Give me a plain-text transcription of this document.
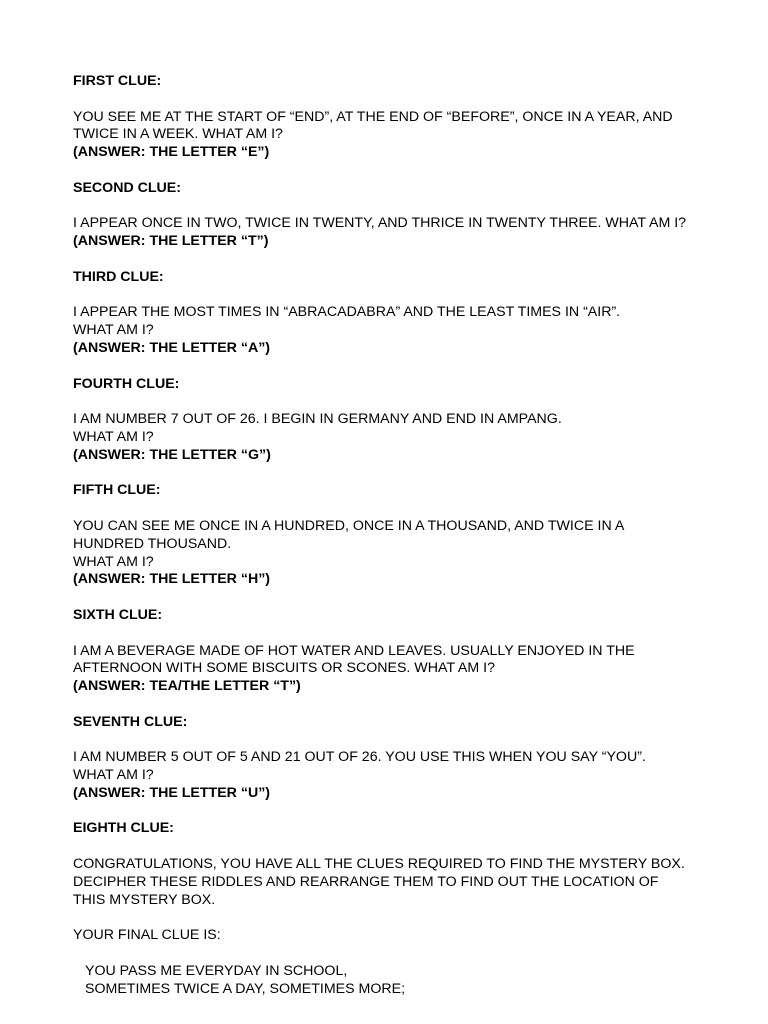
FIRST CLUE:

YOU SEE ME AT THE START OF “END”, AT THE END OF “BEFORE”, ONCE IN A YEAR, AND

TWICE IN A WEEK. WHAT AM I?

(ANSWER: THE LETTER “E”)

SECOND CLUE:

I APPEAR ONCE IN TWO, TWICE IN TWENTY, AND THRICE IN TWENTY THREE. WHAT AM I?

(ANSWER: THE LETTER “T”)

THIRD CLUE:

I APPEAR THE MOST TIMES IN “ABRACADABRA” AND THE LEAST TIMES IN “AIR”.

WHAT AM I?

(ANSWER: THE LETTER “A”)

FOURTH CLUE:

I AM NUMBER 7 OUT OF 26. I BEGIN IN GERMANY AND END IN AMPANG.

WHAT AM I?

(ANSWER: THE LETTER “G”)

FIFTH CLUE:

YOU CAN SEE ME ONCE IN A HUNDRED, ONCE IN A THOUSAND, AND TWICE IN A

HUNDRED THOUSAND.

WHAT AM I?

(ANSWER: THE LETTER “H”)

SIXTH CLUE:

I AM A BEVERAGE MADE OF HOT WATER AND LEAVES. USUALLY ENJOYED IN THE

AFTERNOON WITH SOME BISCUITS OR SCONES. WHAT AM I?

(ANSWER: TEA/THE LETTER “T”)

SEVENTH CLUE:

I AM NUMBER 5 OUT OF 5 AND 21 OUT OF 26. YOU USE THIS WHEN YOU SAY “YOU”.

WHAT AM I?

(ANSWER: THE LETTER “U”)

EIGHTH CLUE:

CONGRATULATIONS, YOU HAVE ALL THE CLUES REQUIRED TO FIND THE MYSTERY BOX.

DECIPHER THESE RIDDLES AND REARRANGE THEM TO FIND OUT THE LOCATION OF

THIS MYSTERY BOX.

YOUR FINAL CLUE IS:

YOU PASS ME EVERYDAY IN SCHOOL,

SOMETIMES TWICE A DAY, SOMETIMES MORE;
